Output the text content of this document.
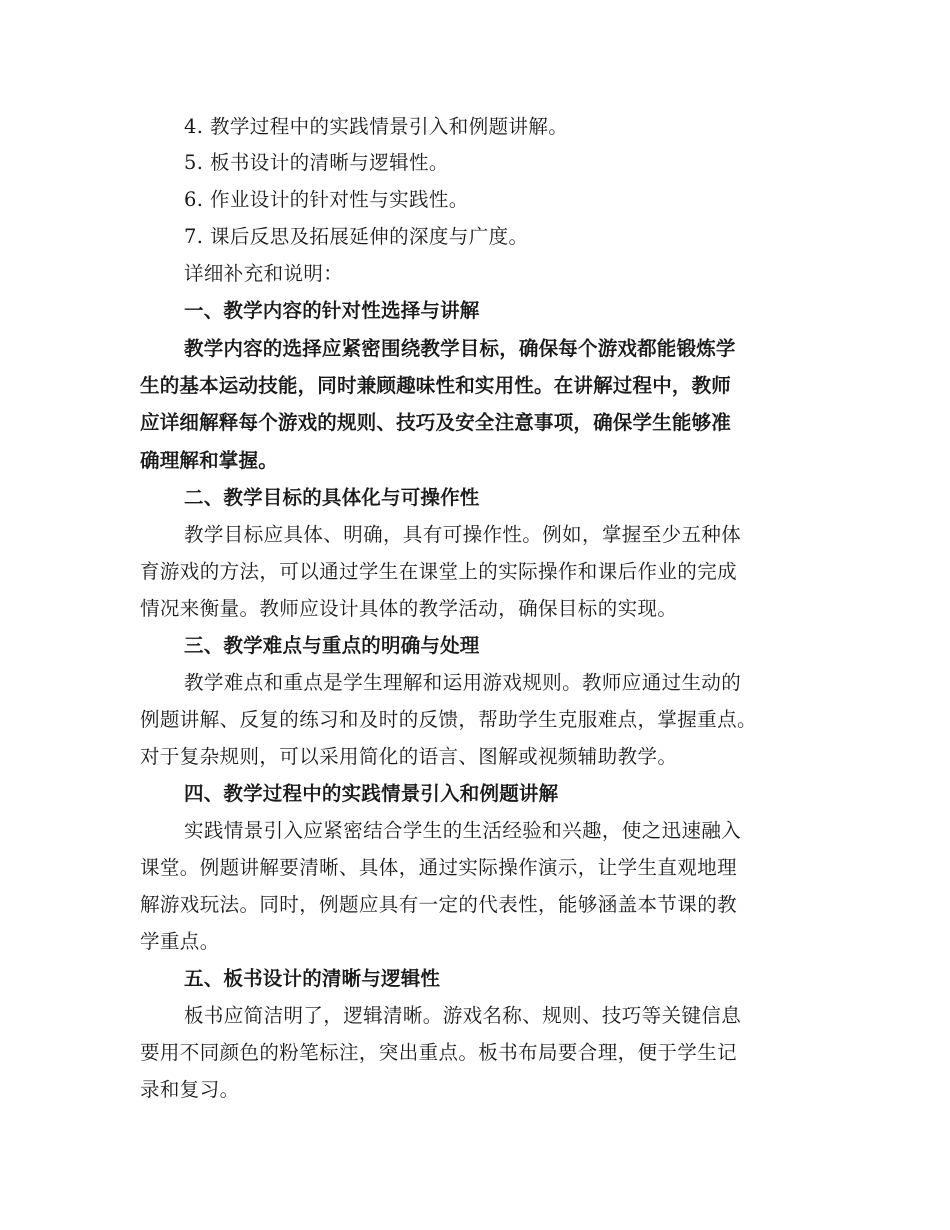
4. 教学过程中的实践情景引入和例题讲解。
5. 板书设计的清晰与逻辑性。
6. 作业设计的针对性与实践性。
7. 课后反思及拓展延伸的深度与广度。
详细补充和说明：
一、教学内容的针对性选择与讲解
教学内容的选择应紧密围绕教学目标，确保每个游戏都能锻炼学
生的基本运动技能，同时兼顾趣味性和实用性。在讲解过程中，教师
应详细解释每个游戏的规则、技巧及安全注意事项，确保学生能够准
确理解和掌握。
二、教学目标的具体化与可操作性
教学目标应具体、明确，具有可操作性。例如，掌握至少五种体
育游戏的方法，可以通过学生在课堂上的实际操作和课后作业的完成
情况来衡量。教师应设计具体的教学活动，确保目标的实现。
三、教学难点与重点的明确与处理
教学难点和重点是学生理解和运用游戏规则。教师应通过生动的
例题讲解、反复的练习和及时的反馈，帮助学生克服难点，掌握重点。
对于复杂规则，可以采用简化的语言、图解或视频辅助教学。
四、教学过程中的实践情景引入和例题讲解
实践情景引入应紧密结合学生的生活经验和兴趣，使之迅速融入
课堂。例题讲解要清晰、具体，通过实际操作演示，让学生直观地理
解游戏玩法。同时，例题应具有一定的代表性，能够涵盖本节课的教
学重点。
五、板书设计的清晰与逻辑性
板书应简洁明了，逻辑清晰。游戏名称、规则、技巧等关键信息
要用不同颜色的粉笔标注，突出重点。板书布局要合理，便于学生记
录和复习。
